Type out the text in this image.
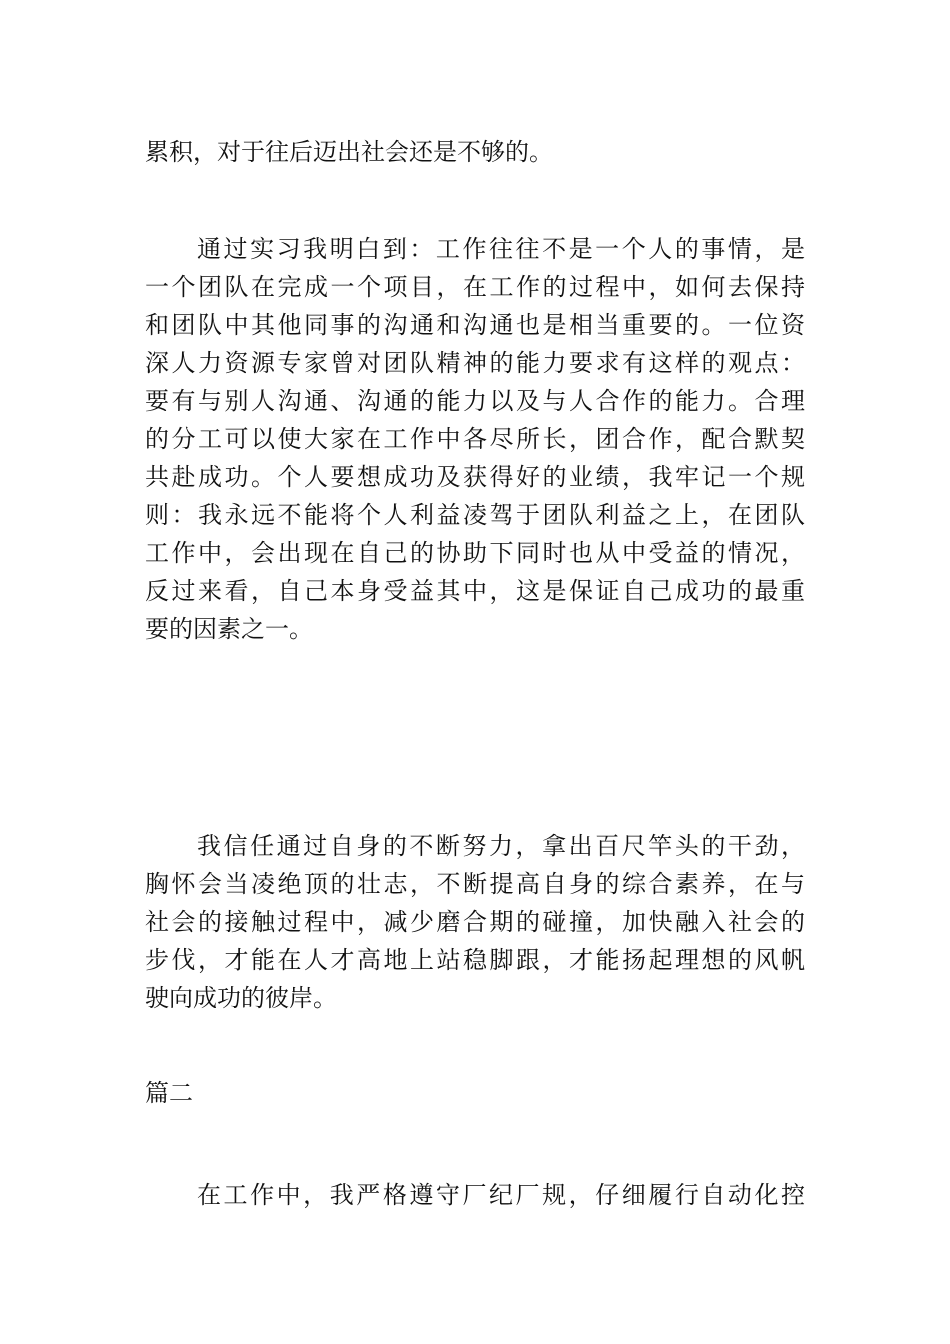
累积，对于往后迈出社会还是不够的。
通过实习我明白到：工作往往不是一个人的事情，是
一个团队在完成一个项目，在工作的过程中，如何去保持
和团队中其他同事的沟通和沟通也是相当重要的。一位资
深人力资源专家曾对团队精神的能力要求有这样的观点：
要有与别人沟通、沟通的能力以及与人合作的能力。合理
的分工可以使大家在工作中各尽所长，团合作，配合默契
共赴成功。个人要想成功及获得好的业绩，我牢记一个规
则：我永远不能将个人利益凌驾于团队利益之上，在团队
工作中，会出现在自己的协助下同时也从中受益的情况，
反过来看，自己本身受益其中，这是保证自己成功的最重
要的因素之一。
我信任通过自身的不断努力，拿出百尺竿头的干劲，
胸怀会当凌绝顶的壮志，不断提高自身的综合素养，在与
社会的接触过程中，减少磨合期的碰撞，加快融入社会的
步伐，才能在人才高地上站稳脚跟，才能扬起理想的风帆
驶向成功的彼岸。
篇二
在工作中，我严格遵守厂纪厂规，仔细履行自动化控
